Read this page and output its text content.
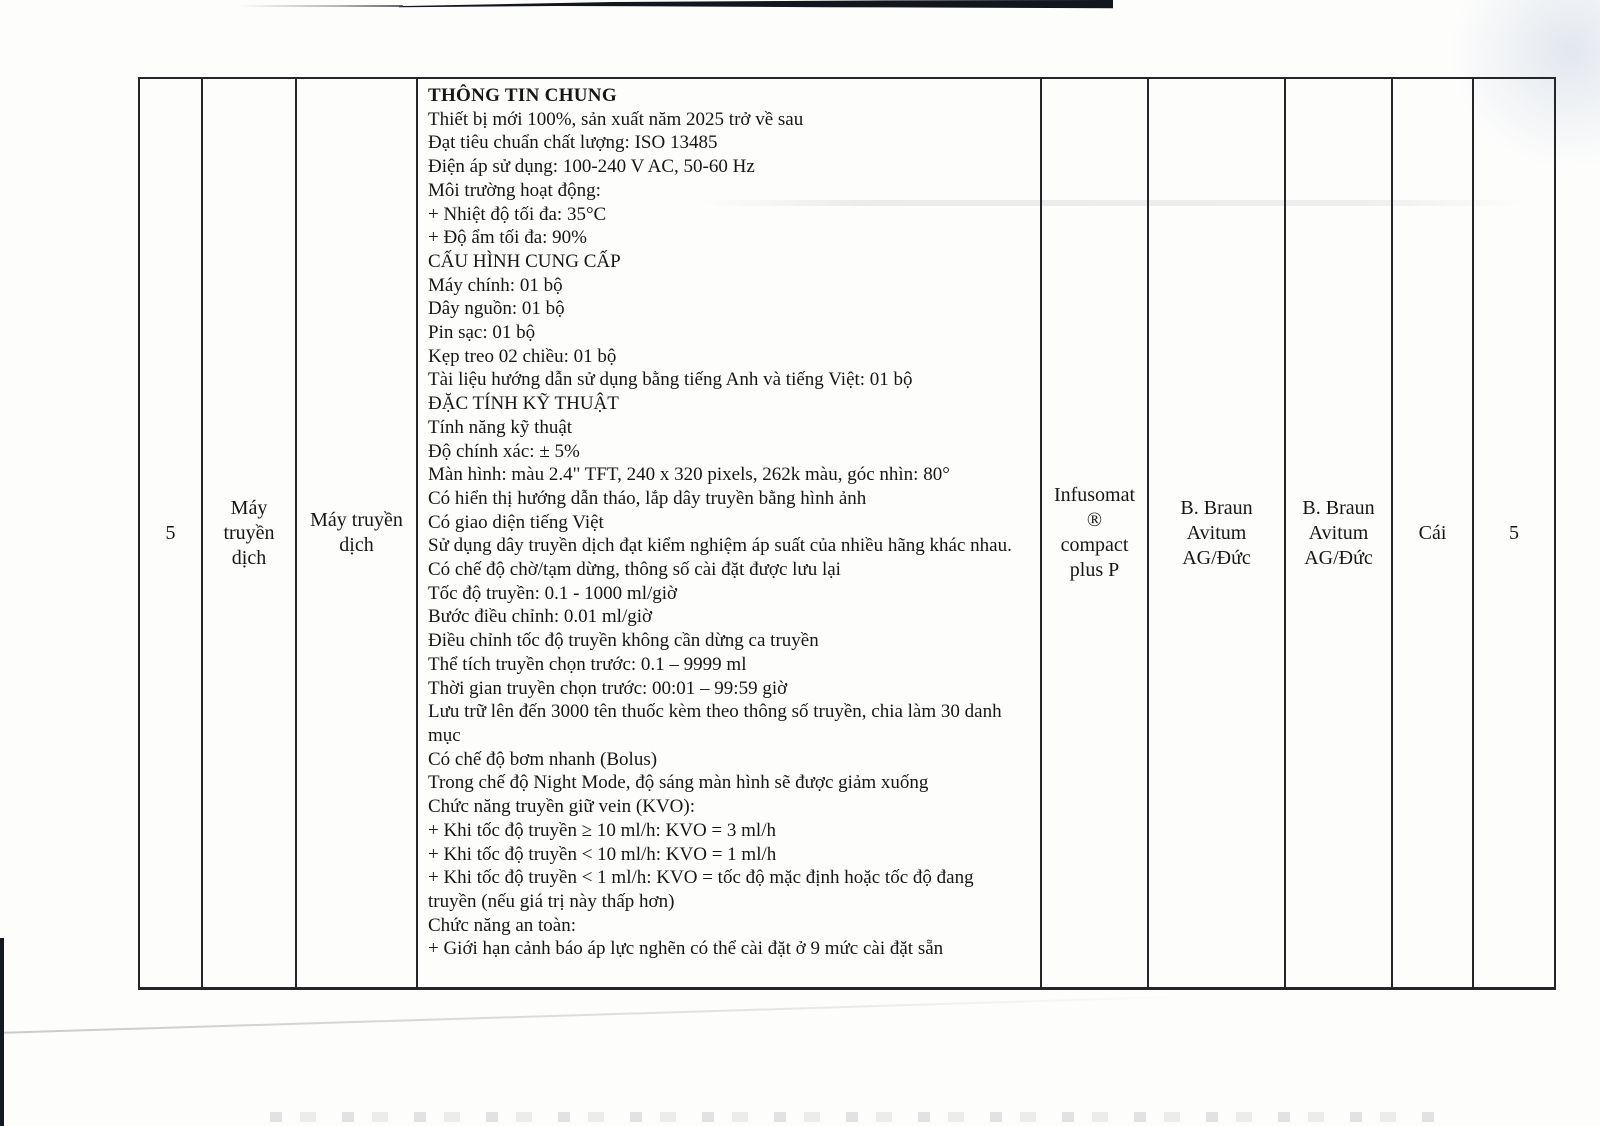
5
Máy truyền dịch
Máy truyền dịch
THÔNG TIN CHUNG
Thiết bị mới 100%, sản xuất năm 2025 trở về sau
Đạt tiêu chuẩn chất lượng: ISO 13485
Điện áp sử dụng: 100-240 V AC, 50-60 Hz
Môi trường hoạt động:
+ Nhiệt độ tối đa: 35°C
+ Độ ẩm tối đa: 90%
CẤU HÌNH CUNG CẤP
Máy chính: 01 bộ
Dây nguồn: 01 bộ
Pin sạc: 01 bộ
Kẹp treo 02 chiều: 01 bộ
Tài liệu hướng dẫn sử dụng bằng tiếng Anh và tiếng Việt: 01 bộ
ĐẶC TÍNH KỸ THUẬT
Tính năng kỹ thuật
Độ chính xác: ± 5%
Màn hình: màu 2.4" TFT, 240 x 320 pixels, 262k màu, góc nhìn: 80°
Có hiển thị hướng dẫn tháo, lắp dây truyền bằng hình ảnh
Có giao diện tiếng Việt
Sử dụng dây truyền dịch đạt kiểm nghiệm áp suất của nhiều hãng khác nhau.
Có chế độ chờ/tạm dừng, thông số cài đặt được lưu lại
Tốc độ truyền: 0.1 - 1000 ml/giờ
Bước điều chỉnh: 0.01 ml/giờ
Điều chỉnh tốc độ truyền không cần dừng ca truyền
Thể tích truyền chọn trước: 0.1 – 9999 ml
Thời gian truyền chọn trước: 00:01 – 99:59 giờ
Lưu trữ lên đến 3000 tên thuốc kèm theo thông số truyền, chia làm 30 danh mục
Có chế độ bơm nhanh (Bolus)
Trong chế độ Night Mode, độ sáng màn hình sẽ được giảm xuống
Chức năng truyền giữ vein (KVO):
+ Khi tốc độ truyền ≥ 10 ml/h: KVO = 3 ml/h
+ Khi tốc độ truyền < 10 ml/h: KVO = 1 ml/h
+ Khi tốc độ truyền < 1 ml/h: KVO = tốc độ mặc định hoặc tốc độ đang truyền (nếu giá trị này thấp hơn)
Chức năng an toàn:
+ Giới hạn cảnh báo áp lực nghẽn có thể cài đặt ở 9 mức cài đặt sẵn
Infusomat
®
compact
plus P
B. Braun
Avitum
AG/Đức
B. Braun
Avitum
AG/Đức
Cái	5
